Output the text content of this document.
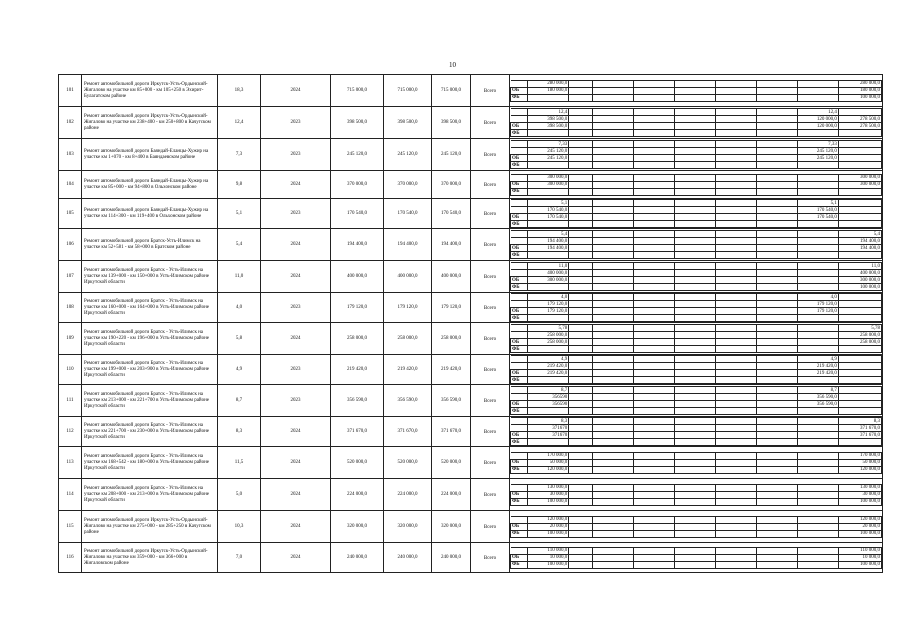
10
101	Ремонт автомобильной дороги Иркутск-Усть-Ордынский-Жигалово на участке км 85+000 - км 105+250 в Эхирит-Булагатском районе	18,3	2024	715 000,0	715 000,0	715 000,0	Всего	
	280 000,0								280 000,0
ОБ	180 000,0								180 000,0
ФБ									100 000,0

102	Ремонт автомобильной дороги Иркутск-Усть-Ордынский-Жигалово на участке км 238+400 - км 250+800 в Качугском районе	12,4	2023	398 500,0	398 500,0	398 500,0	Всего	
	12,4							12,4	
	398 500,0							120 000,0	278 500,0
ОБ	398 500,0							120 000,0	278 500,0
ФБ									

103	Ремонт автомобильной дороги Баяндай-Еланцы-Хужир на участке км 1+070 - км 8+400 в Баяндаевском районе	7,3	2023	245 120,0	245 120,0	245 120,0	Всего	
	7,33							7,33	
	245 120,0							245 120,0	
ОБ	245 120,0							245 120,0	
ФБ									

104	Ремонт автомобильной дороги Баяндай-Еланцы-Хужир на участке км 85+000 - км 94+800 в Ольхонском районе	9,8	2024	370 000,0	370 000,0	370 000,0	Всего	
	300 000,0								300 000,0
ОБ	300 000,0								300 000,0
ФБ									

105	Ремонт автомобильной дороги Баяндай-Еланцы-Хужир на участке км 114+300 - км 119+400 в Ольхонском районе	5,1	2023	170 540,0	170 540,0	170 540,0	Всего	
	5,1							5,1	
	170 540,0							170 540,0	
ОБ	170 540,0							170 540,0	
ФБ									

106	Ремонт автомобильной дороги Братск-Усть-Илимск на участке км 52+581 - км 58+000 в Братском районе	5,4	2024	194 400,0	194 400,0	194 400,0	Всего	
	5,4								5,4
	194 400,0								194 400,0
ОБ	194 400,0								194 400,0
ФБ									

107	Ремонт автомобильной дороги Братск - Усть-Илимск на участке км 139+000 - км 150+000 в Усть-Илимском районе Иркутской области	11,0	2024	400 000,0	400 000,0	400 000,0	Всего	
	11,0								11,0
	400 000,0								400 000,0
ОБ	300 000,0								300 000,0
ФБ									100 000,0

108	Ремонт автомобильной дороги Братск - Усть-Илимск на участке км 160+000 - км 164+000 в Усть-Илимском районе Иркутской области	4,0	2023	179 120,0	179 120,0	179 120,0	Всего	
	4,0							4,0	
	179 120,0							179 120,0	
ОБ	179 120,0							179 120,0	
ФБ									

109	Ремонт автомобильной дороги Братск - Усть-Илимск на участке км 190+220 - км 196+000 в Усть-Илимском районе Иркутской области	5,8	2024	258 000,0	258 000,0	258 000,0	Всего	
	5,78								5,78
	258 000,0								258 000,0
ОБ	258 000,0								258 000,0
ФБ									

110	Ремонт автомобильной дороги Братск - Усть-Илимск на участке км 199+000 - км 203+900 в Усть-Илимском районе Иркутской области	4,9	2023	219 420,0	219 420,0	219 420,0	Всего	
	4,9							4,9	
	219 420,0							219 420,0	
ОБ	219 420,0							219 420,0	
ФБ									

111	Ремонт автомобильной дороги Братск - Усть-Илимск на участке км 213+000 - км 221+700 в Усть-Илимском районе Иркутской области	8,7	2023	356 590,0	356 590,0	356 590,0	Всего	
	8,7							8,7	
	356590							356 590,0	
ОБ	356590							356 590,0	
ФБ									

112	Ремонт автомобильной дороги Братск - Усть-Илимск на участке км 221+700 - км 230+000 в Усть-Илимском районе Иркутской области	8,3	2024	371 670,0	371 670,0	371 670,0	Всего	
	8,3								8,3
	371670								371 670,0
ОБ	371670								371 670,0
ФБ									

113	Ремонт автомобильной дороги Братск - Усть-Илимск на участке км 168+542 - км 180+000 в Усть-Илимском районе Иркутской области	11,5	2024	520 000,0	520 000,0	520 000,0	Всего	
	170 000,0								170 000,0
ОБ	50 000,0								50 000,0
ФБ	120 000,0								120 000,0

114	Ремонт автомобильной дороги Братск - Усть-Илимск на участке км 208+000 - км 213+000 в Усть-Илимском районе Иркутской области	5,0	2024	224 000,0	224 000,0	224 000,0	Всего	
	130 000,0								130 000,0
ОБ	30 000,0								30 000,0
ФБ	100 000,0								100 000,0

115	Ремонт автомобильной дороги Иркутск-Усть-Ордынский-Жигалово на участке км 275+000 - км 285+250 в Качугском районе	10,3	2024	320 000,0	320 000,0	320 000,0	Всего	
	120 000,0								120 000,0
ОБ	20 000,0								20 000,0
ФБ	100 000,0								100 000,0

116	Ремонт автомобильной дороги Иркутск-Усть-Ордынский-Жигалово на участке км 359+000 - км 366+000 в Жигаловском районе	7,0	2024	240 000,0	240 000,0	240 000,0	Всего	
	110 000,0								110 000,0
ОБ	10 000,0								10 000,0
ФБ	100 000,0								100 000,0
